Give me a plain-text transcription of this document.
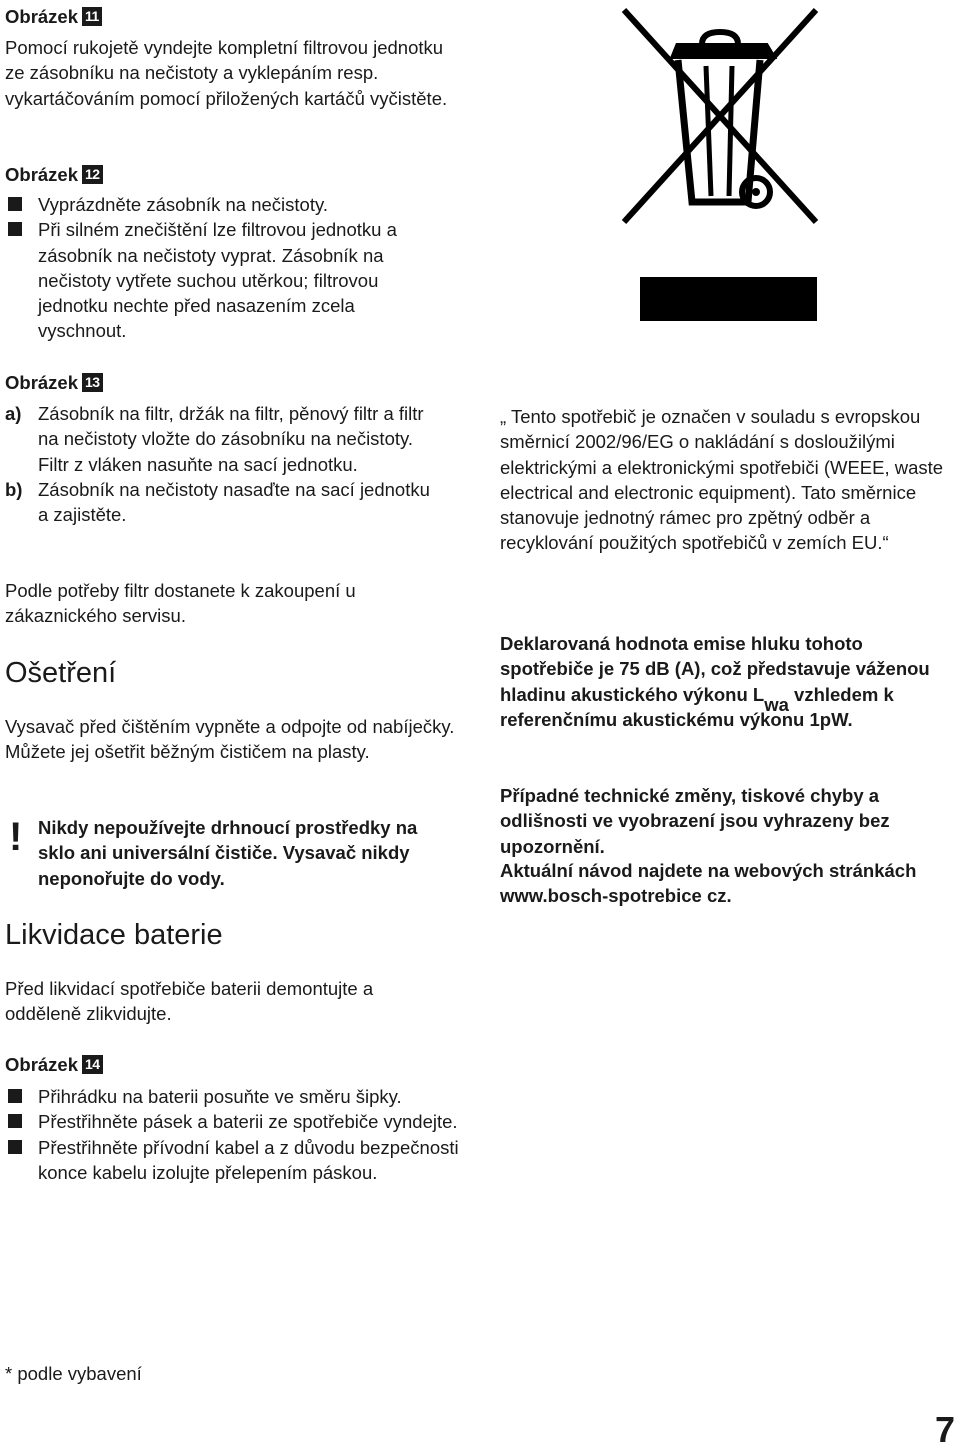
Obrázek 11
Pomocí rukojetě vyndejte kompletní filtrovou jednotku ze zásobníku na nečistoty a vyklepáním resp. vykartáčováním pomocí přiložených kartáčů vyčistěte.
Obrázek 12
Vyprázdněte zásobník na nečistoty.
Při silném znečištění lze filtrovou jednotku a zásobník na nečistoty vyprat. Zásobník na nečistoty vytřete suchou utěrkou; filtrovou jednotku nechte před nasazením zcela vyschnout.
Obrázek 13
a) Zásobník na filtr, držák na filtr, pěnový filtr a filtr na nečistoty vložte do zásobníku na nečistoty. Filtr z vláken nasuňte na sací jednotku.
b) Zásobník na nečistoty nasaďte na sací jednotku a zajistěte.
Podle potřeby filtr dostanete k zakoupení u zákaznického servisu.
Ošetření
Vysavač před čištěním vypněte a odpojte od nabíječky. Můžete jej ošetřit běžným čističem na plasty.
! Nikdy nepoužívejte drhnoucí prostředky na sklo ani universální čističe. Vysavač nikdy neponořujte do vody.
Likvidace baterie
Před likvidací spotřebiče baterii demontujte a odděleně zlikvidujte.
Obrázek 14
Přihrádku na baterii posuňte ve směru šipky.
Přestřihněte pásek a baterii ze spotřebiče vyndejte.
Přestřihněte přívodní kabel a z důvodu bezpečnosti konce kabelu izolujte přelepením páskou.
* podle vybavení
„ Tento spotřebič je označen v souladu s evropskou směrnicí 2002/96/EG o nakládání s dosloužilými elektrickými a elektronickými spotřebiči (WEEE, waste electrical and electronic equipment). Tato směrnice stanovuje jednotný rámec pro zpětný odběr a recyklování použitých spotřebičů v zemích EU.“
Deklarovaná hodnota emise hluku tohoto spotřebiče je 75 dB (A), což představuje váženou hladinu akustického výkonu Lwa vzhledem k referenčnímu akustickému výkonu 1pW.
Případné technické změny, tiskové chyby a odlišnosti ve vyobrazení jsou vyhrazeny bez upozornění.
Aktuální návod najdete na webových stránkách www.bosch-spotrebice cz.
7
